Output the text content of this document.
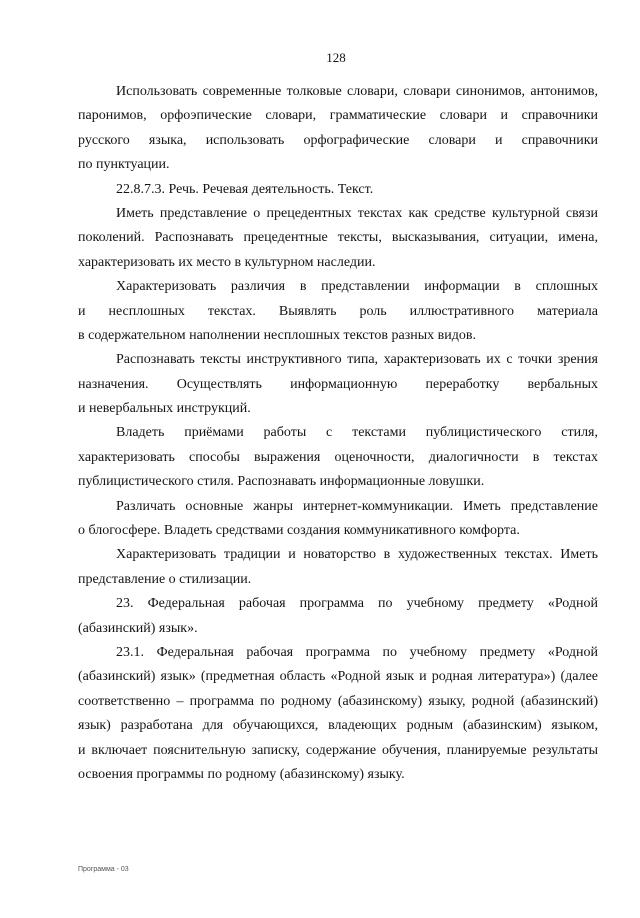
128
Использовать современные толковые словари, словари синонимов, антонимов,
паронимов, орфоэпические словари, грамматические словари и справочники
русского языка, использовать орфографические словари и справочники
по пунктуации.
22.8.7.3. Речь. Речевая деятельность. Текст.
Иметь представление о прецедентных текстах как средстве культурной связи
поколений. Распознавать прецедентные тексты, высказывания, ситуации, имена,
характеризовать их место в культурном наследии.
Характеризовать различия в представлении информации в сплошных
и несплошных текстах. Выявлять роль иллюстративного материала
в содержательном наполнении несплошных текстов разных видов.
Распознавать тексты инструктивного типа, характеризовать их с точки зрения
назначения. Осуществлять информационную переработку вербальных
и невербальных инструкций.
Владеть приёмами работы с текстами публицистического стиля,
характеризовать способы выражения оценочности, диалогичности в текстах
публицистического стиля. Распознавать информационные ловушки.
Различать основные жанры интернет-коммуникации. Иметь представление
о блогосфере. Владеть средствами создания коммуникативного комфорта.
Характеризовать традиции и новаторство в художественных текстах. Иметь
представление о стилизации.
23. Федеральная рабочая программа по учебному предмету «Родной
(абазинский) язык».
23.1. Федеральная рабочая программа по учебному предмету «Родной
(абазинский) язык» (предметная область «Родной язык и родная литература») (далее
соответственно – программа по родному (абазинскому) языку, родной (абазинский)
язык) разработана для обучающихся, владеющих родным (абазинским) языком,
и включает пояснительную записку, содержание обучения, планируемые результаты
освоения программы по родному (абазинскому) языку.
Программа - 03
